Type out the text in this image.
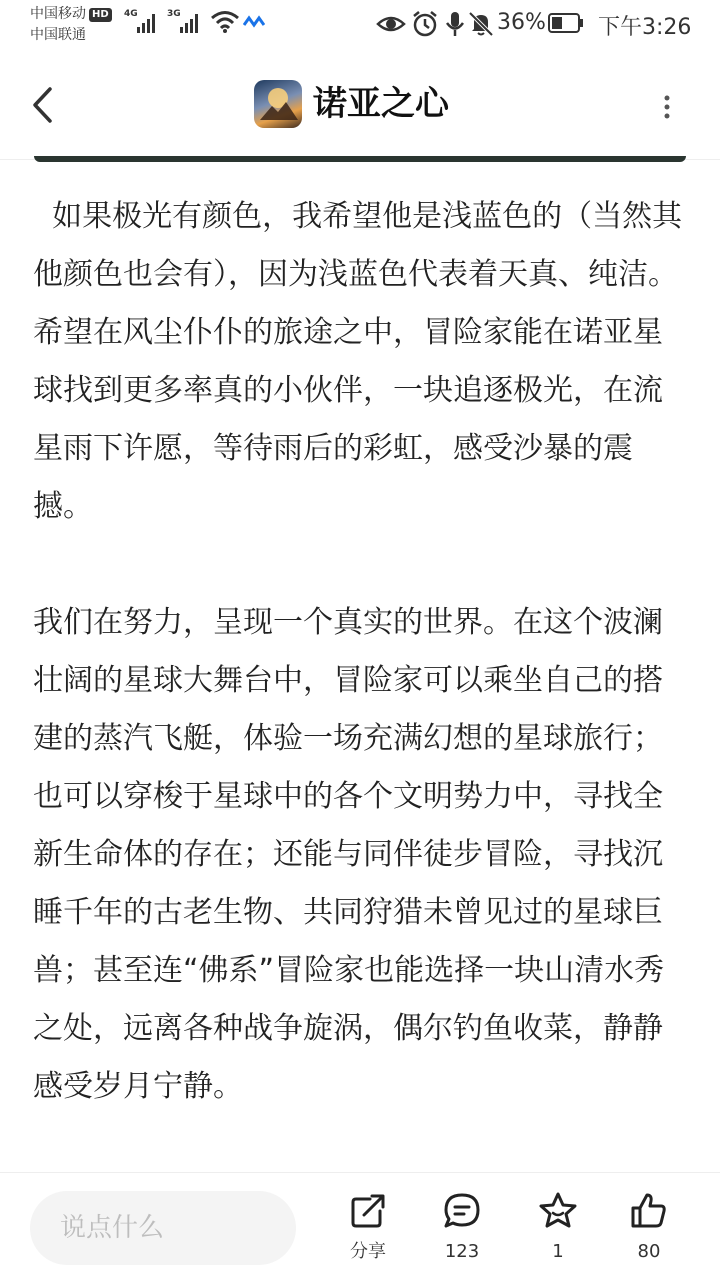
中国移动 HD
中国联通
4G	3G	36% 下午3:26
诺亚之心

如果极光有颜色，我希望他是浅蓝色的（当然其他颜色也会有），因为浅蓝色代表着天真、纯洁。希望在风尘仆仆的旅途之中，冒险家能在诺亚星球找到更多率真的小伙伴，一块追逐极光，在流星雨下许愿，等待雨后的彩虹，感受沙暴的震撼。

我们在努力，呈现一个真实的世界。在这个波澜壮阔的星球大舞台中，冒险家可以乘坐自己的搭建的蒸汽飞艇，体验一场充满幻想的星球旅行；也可以穿梭于星球中的各个文明势力中，寻找全新生命体的存在；还能与同伴徒步冒险，寻找沉睡千年的古老生物、共同狩猎未曾见过的星球巨兽；甚至连“佛系”冒险家也能选择一块山清水秀之处，远离各种战争旋涡，偶尔钓鱼收菜，静静感受岁月宁静。

说点什么
分享	123	1	80
